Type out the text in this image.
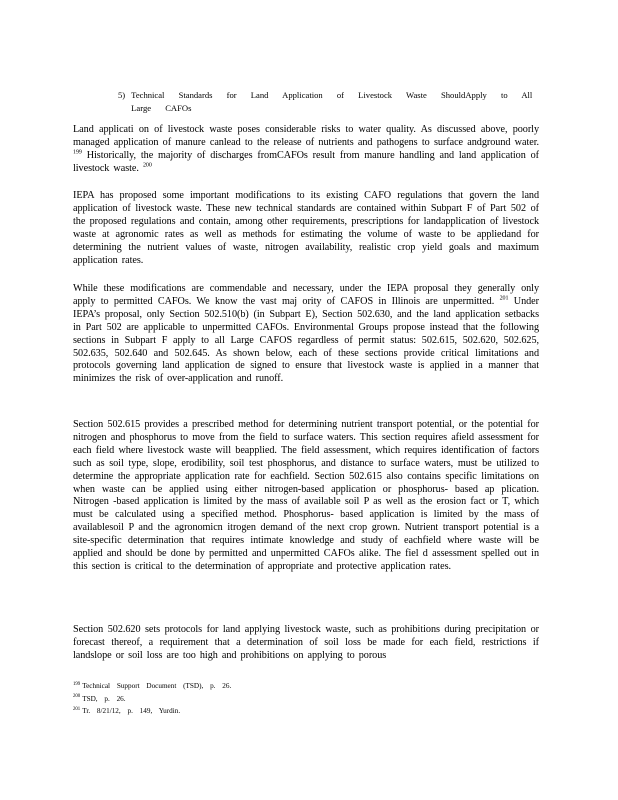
5) Technical Standards for Land Application of Livestock Waste ShouldApply to All Large CAFOs

Land applicati on of livestock waste poses considerable risks to water quality. As discussed above, poorly managed application of manure canlead to the release of nutrients and pathogens to surface andground water. $^{199}$ Historically, the majority of discharges fromCAFOs result from manure handling and land application of livestock waste. $^{200}$

IEPA has proposed some important modifications to its existing CAFO regulations that govern the land application of livestock waste. These new technical standards are contained within Subpart F of Part 502 of the proposed regulations and contain, among other requirements, prescriptions for landapplication of livestock waste at agronomic rates as well as methods for estimating the volume of waste to be appliedand for determining the nutrient values of waste, nitrogen availability, realistic crop yield goals and maximum application rates.

While these modifications are commendable and necessary, under the IEPA proposal they generally only apply to permitted CAFOs. We know the vast maj ority of CAFOS in Illinois are unpermitted. $^{201}$ Under IEPA’s proposal, only Section 502.510(b) (in Subpart E), Section 502.630, and the land application setbacks in Part 502 are applicable to unpermitted CAFOs. Environmental Groups propose instead that the following sections in Subpart F apply to all Large CAFOS regardless of permit status: 502.615, 502.620, 502.625, 502.635, 502.640 and 502.645. As shown below, each of these sections provide critical limitations and protocols governing land application de signed to ensure that livestock waste is applied in a manner that minimizes the risk of over-application and runoff.

Section 502.615 provides a prescribed method for determining nutrient transport potential, or the potential for nitrogen and phosphorus to move from the field to surface waters. This section requires afield assessment for each field where livestock waste will beapplied. The field assessment, which requires identification of factors such as soil type, slope, erodibility, soil test phosphorus, and distance to surface waters, must be utilized to determine the appropriate application rate for eachfield. Section 502.615 also contains specific limitations on when waste can be applied using either nitrogen-based application or phosphorus- based ap plication. Nitrogen -based application is limited by the mass of available soil P as well as the erosion fact or T, which must be calculated using a specified method. Phosphorus- based application is limited by the mass of availablesoil P and the agronomicn itrogen demand of the next crop grown. Nutrient transport potential is a site-specific determination that requires intimate knowledge and study of eachfield where waste will be applied and should be done by permitted and unpermitted CAFOs alike. The fiel d assessment spelled out in this section is critical to the determination of appropriate and protective application rates.

Section 502.620 sets protocols for land applying livestock waste, such as prohibitions during precipitation or forecast thereof, a requirement that a determination of soil loss be made for each field, restrictions if landslope or soil loss are too high and prohibitions on applying to porous

$^{199}$ Technical Support Document (TSD), p. 26.
$^{200}$ TSD, p. 26.
$^{201}$ Tr. 8/21/12, p. 149, Yurdin.
